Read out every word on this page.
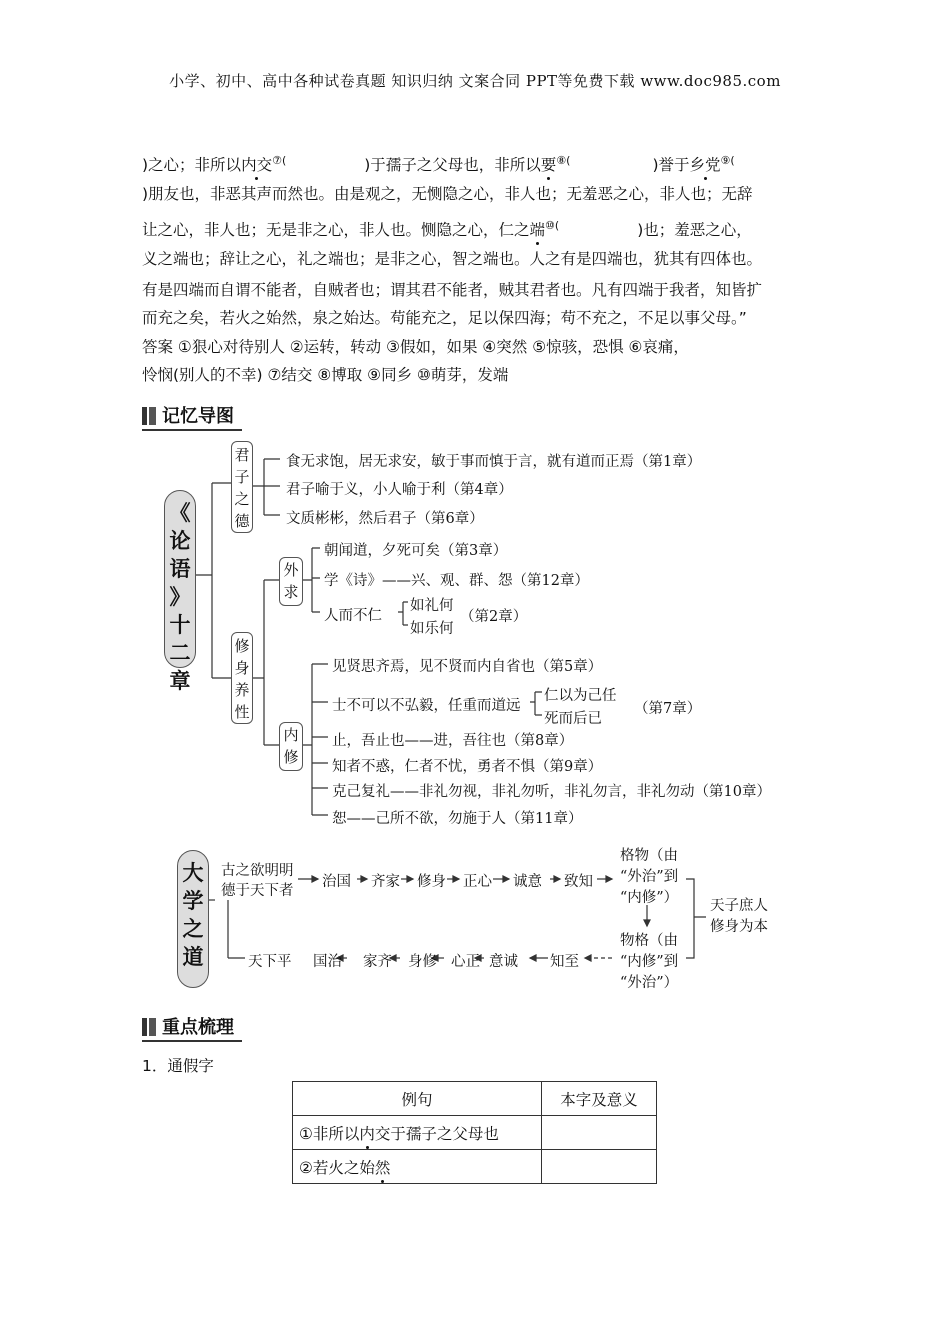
小学、初中、高中各种试卷真题 知识归纳 文案合同 PPT等免费下载 www.doc985.com
)之心；非所以内交⑦(	)于孺子之父母也，非所以要⑧(	)誉于乡党⑨(
)朋友也，非恶其声而然也。由是观之，无恻隐之心，非人也；无羞恶之心，非人也；无辞
让之心，非人也；无是非之心，非人也。恻隐之心，仁之端⑩(	)也；羞恶之心，
义之端也；辞让之心，礼之端也；是非之心，智之端也。人之有是四端也，犹其有四体也。
有是四端而自谓不能者，自贼者也；谓其君不能者，贼其君者也。凡有四端于我者，知皆扩
而充之矣，若火之始然，泉之始达。苟能充之，足以保四海；苟不充之，不足以事父母。”
答案 ①狠心对待别人 ②运转，转动 ③假如，如果 ④突然 ⑤惊骇，恐惧 ⑥哀痛，
怜悯(别人的不幸) ⑦结交 ⑧博取 ⑨同乡 ⑩萌芽，发端
记忆导图
《
论
语
》
十
二
章
君
子
之
德
食无求饱，居无求安，敏于事而慎于言，就有道而正焉（第1章）
君子喻于义，小人喻于利（第4章）
文质彬彬，然后君子（第6章）
修
身
养
性
外
求
朝闻道，夕死可矣（第3章）
学《诗》——兴、观、群、怨（第12章）
人而不仁
如礼何
如乐何
（第2章）
内
修
见贤思齐焉，见不贤而内自省也（第5章）
士不可以不弘毅，任重而道远
仁以为己任
死而后已
（第7章）
止，吾止也——进，吾往也（第8章）
知者不惑，仁者不忧，勇者不惧（第9章）
克己复礼——非礼勿视，非礼勿听，非礼勿言，非礼勿动（第10章）
恕——己所不欲，勿施于人（第11章）
大
学
之
道
古之欲明明
德于天下者
治国 齐家 修身 正心 诚意 致知
格物（由
“外治”到
“内修”）
物格（由
“内修”到
“外治”）
天子庶人
修身为本
天下平 国治 家齐 身修 心正 意诚 知至
重点梳理
1．通假字
例句	本字及意义
①非所以内交于孺子之父母也	
②若火之始然	
